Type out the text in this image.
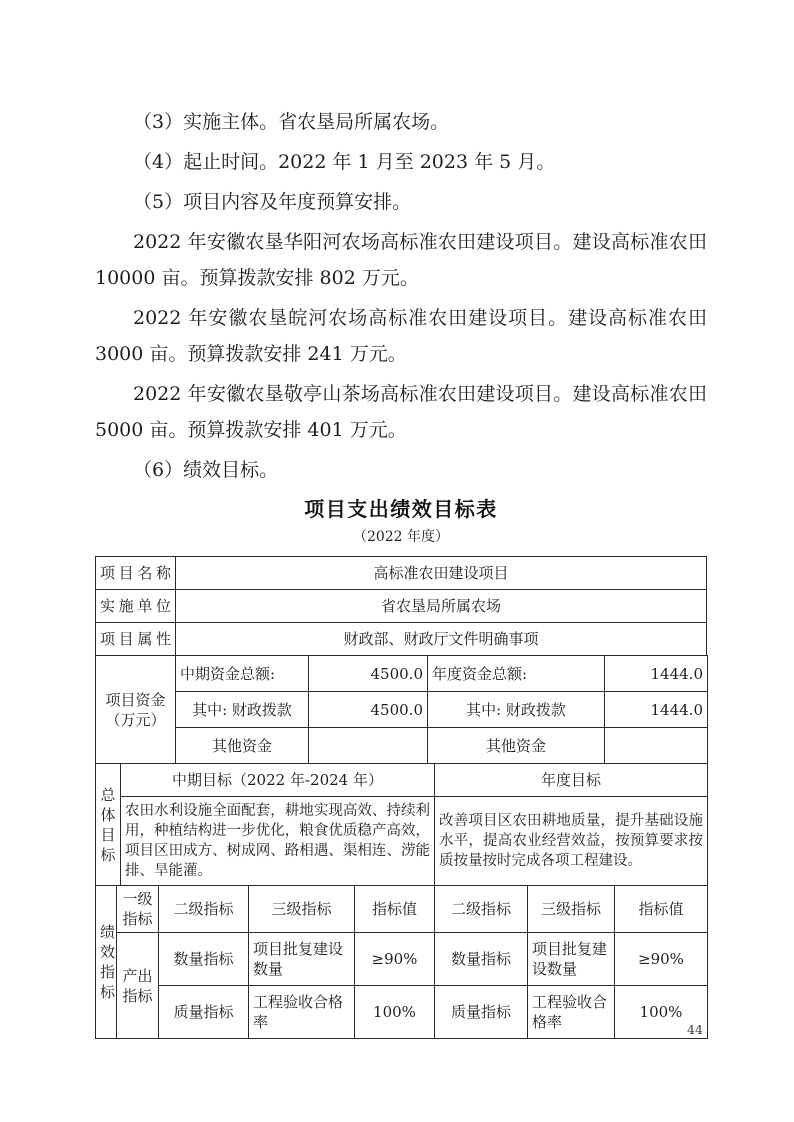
（3）实施主体。省农垦局所属农场。

（4）起止时间。2022 年 1 月至 2023 年 5 月。

（5）项目内容及年度预算安排。

2022 年安徽农垦华阳河农场高标准农田建设项目。建设高标准农田 10000 亩。预算拨款安排 802 万元。

2022 年安徽农垦皖河农场高标准农田建设项目。建设高标准农田 3000 亩。预算拨款安排 241 万元。

2022 年安徽农垦敬亭山茶场高标准农田建设项目。建设高标准农田 5000 亩。预算拨款安排 401 万元。

（6）绩效目标。

项目支出绩效目标表
（2022 年度）
项目名称	高标准农田建设项目
实施单位	省农垦局所属农场
项目属性	财政部、财政厅文件明确事项
项目资金（万元）	中期资金总额:	4500.0	年度资金总额:	1444.0
	其中: 财政拨款	4500.0	其中: 财政拨款	1444.0
	其他资金		其他资金	
总体目标	中期目标（2022 年-2024 年）	年度目标
	农田水利设施全面配套，耕地实现高效、持续利用，种植结构进一步优化，粮食优质稳产高效，项目区田成方、树成网、路相遇、渠相连、涝能排、旱能灌。	改善项目区农田耕地质量，提升基础设施水平，提高农业经营效益，按预算要求按质按量按时完成各项工程建设。
绩效指标	一级指标	二级指标	三级指标	指标值	二级指标	三级指标	指标值
	产出指标	数量指标	项目批复建设数量	≥90%	数量指标	项目批复建设数量	≥90%
		质量指标	工程验收合格率	100%	质量指标	工程验收合格率	100%
44
